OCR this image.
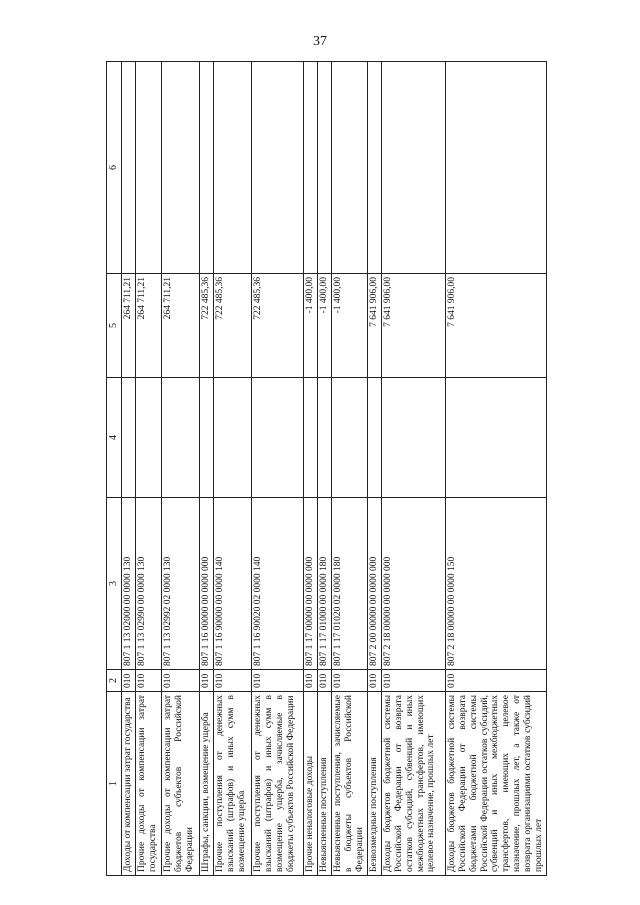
37
1	2	3	4	5	6
Доходы от компенсации затрат государства	010	807 1 13 02000 00 0000 130		264 711,21	
Прочие доходы от компенсации затрат государства	010	807 1 13 02990 00 0000 130		264 711,21	
Прочие доходы от компенсации затрат бюджетов субъектов Российской Федерации	010	807 1 13 02992 02 0000 130		264 711,21	
Штрафы, санкции, возмещение ущерба	010	807 1 16 00000 00 0000 000		722 485,36	
Прочие поступления от денежных взысканий (штрафов) и иных сумм в возмещение ущерба	010	807 1 16 90000 00 0000 140		722 485,36	
Прочие поступления от денежных взысканий (штрафов) и иных сумм в возмещение ущерба, зачисляемые в бюджеты субъектов Российской Федерации	010	807 1 16 90020 02 0000 140		722 485,36	
Прочие неналоговые доходы	010	807 1 17 00000 00 0000 000		-1 400,00	
Невыясненные поступления	010	807 1 17 01000 00 0000 180		-1 400,00	
Невыясненные поступления, зачисляемые в бюджеты субъектов Российской Федерации	010	807 1 17 01020 02 0000 180		-1 400,00	
Безвозмездные поступления	010	807 2 00 00000 00 0000 000		7 641 906,00	
Доходы бюджетов бюджетной системы Российской Федерации от возврата остатков субсидий, субвенций и иных межбюджетных трансфертов, имеющих целевое назначение, прошлых лет	010	807 2 18 00000 00 0000 000		7 641 906,00	
Доходы бюджетов бюджетной системы Российской Федерации от возврата бюджетами бюджетной системы Российской Федерации остатков субсидий, субвенций и иных межбюджетных трансфертов, имеющих целевое назначение, прошлых лет, а также от возврата организациями остатков субсидий прошлых лет	010	807 2 18 00000 00 0000 150		7 641 906,00	
